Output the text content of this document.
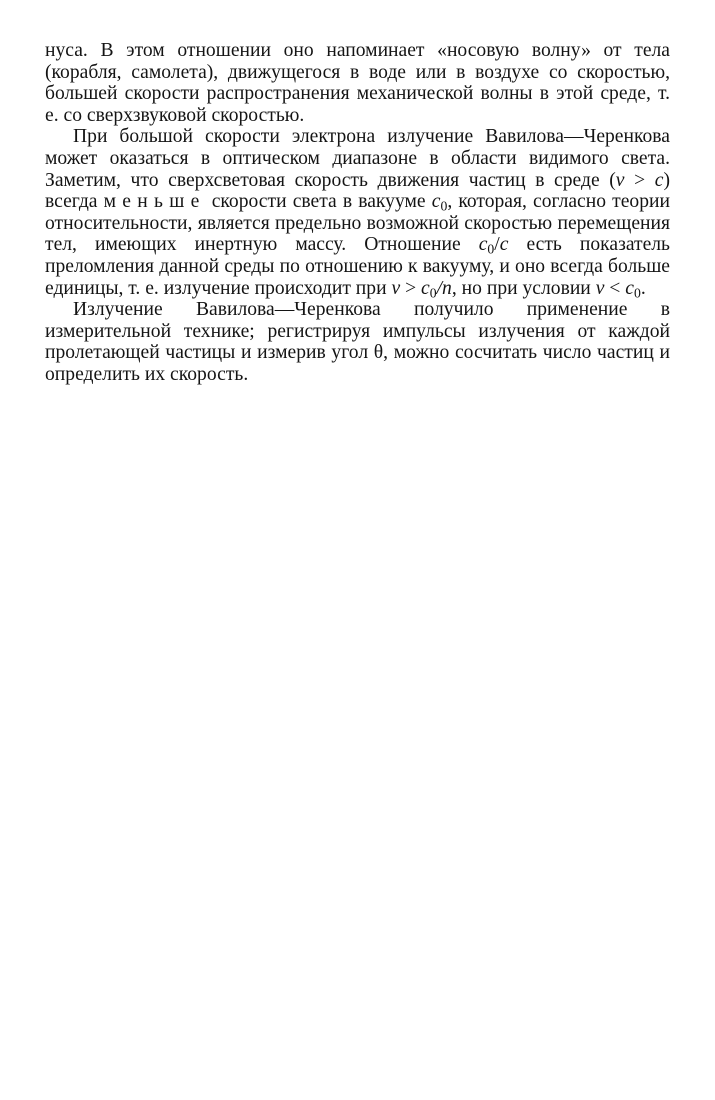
нуса. В этом отношении оно напоминает «носовую волну» от тела (корабля, самолета), движущегося в воде или в воздухе со скоростью, большей скорости распространения механической волны в этой среде, т. е. со сверхзвуковой скоростью.

При большой скорости электрона излучение Вавилова—Черенкова может оказаться в оптическом диапазоне в области видимого света. Заметим, что сверхсветовая скорость движения частиц в среде (v > c) всегда меньше скорости света в вакууме $c_0$, которая, согласно теории относительности, является предельно возможной скоростью перемещения тел, имеющих инертную массу. Отношение $c_0/c$ есть показатель преломления данной среды по отношению к вакууму, и оно всегда больше единицы, т. е. излучение происходит при $v > c_0/n$, но при условии $v < c_0$.

Излучение Вавилова—Черенкова получило применение в измерительной технике; регистрируя импульсы излучения от каждой пролетающей частицы и измерив угол θ, можно сосчитать число частиц и определить их скорость.
